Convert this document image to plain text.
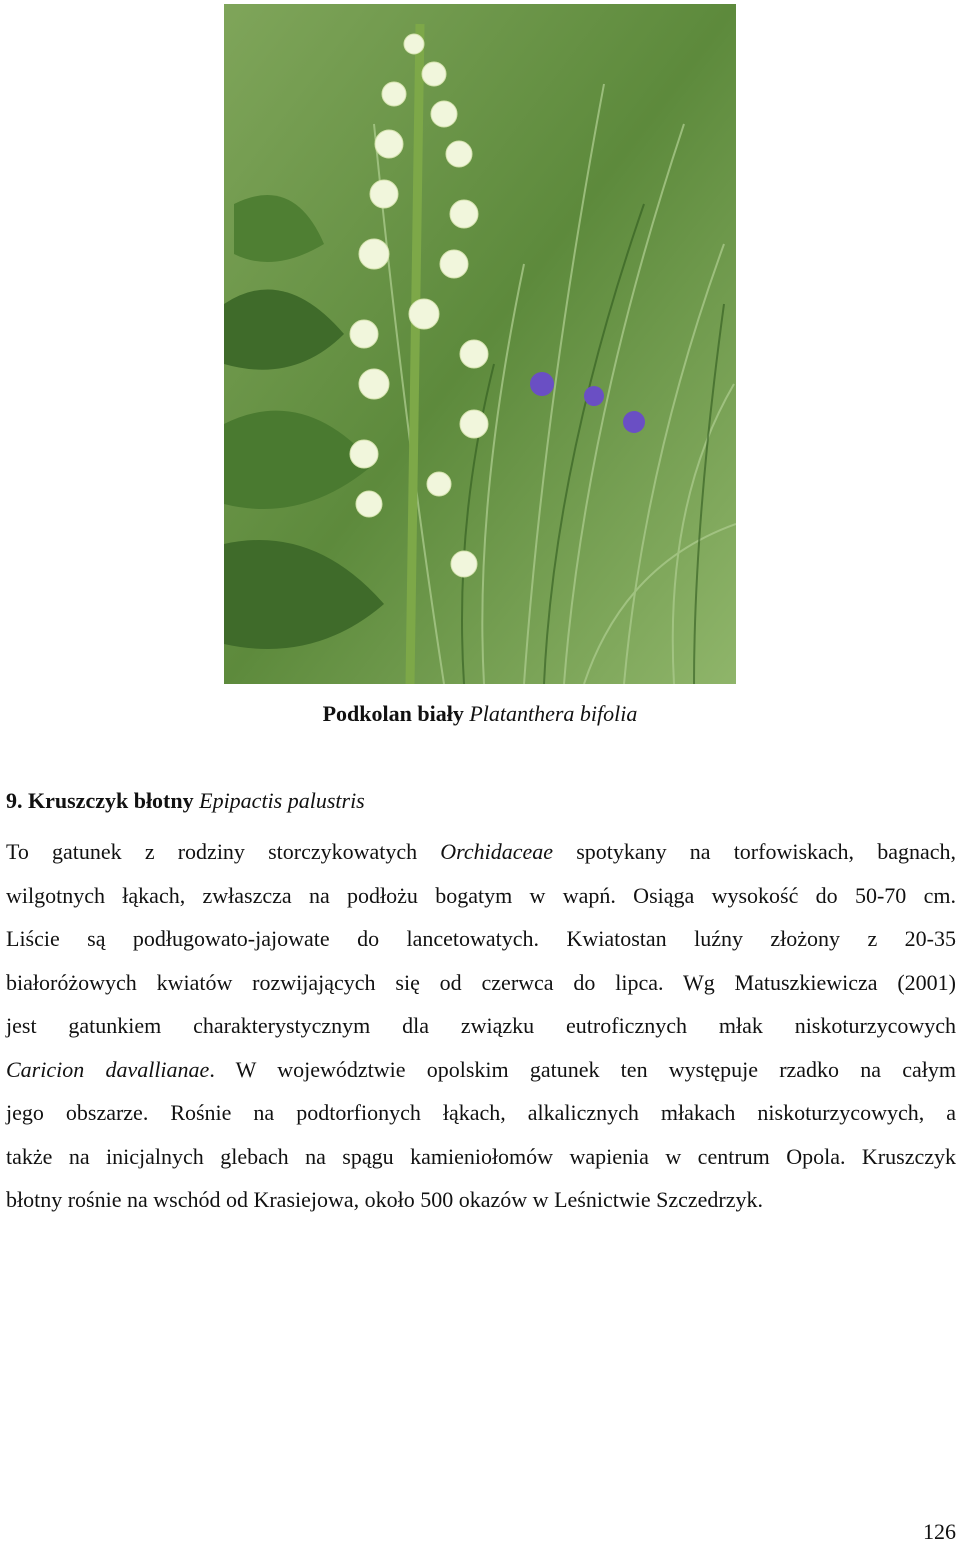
Podkolan biały Platanthera bifolia
9. Kruszczyk błotny Epipactis palustris
To gatunek z rodziny storczykowatych Orchidaceae spotykany na torfowiskach, bagnach,
wilgotnych łąkach, zwłaszcza na podłożu bogatym w wapń. Osiąga wysokość do 50-70 cm.
Liście są podługowato-jajowate do lancetowatych. Kwiatostan luźny złożony z 20-35
białoróżowych kwiatów rozwijających się od czerwca do lipca. Wg Matuszkiewicza (2001)
jest gatunkiem charakterystycznym dla związku eutroficznych młak niskoturzycowych
Caricion davallianae. W województwie opolskim gatunek ten występuje rzadko na całym
jego obszarze. Rośnie na podtorfionych łąkach, alkalicznych młakach niskoturzycowych, a
także na inicjalnych glebach na spągu kamieniołomów wapienia w centrum Opola. Kruszczyk
błotny rośnie na wschód od Krasiejowa, około 500 okazów w Leśnictwie Szczedrzyk.
126
